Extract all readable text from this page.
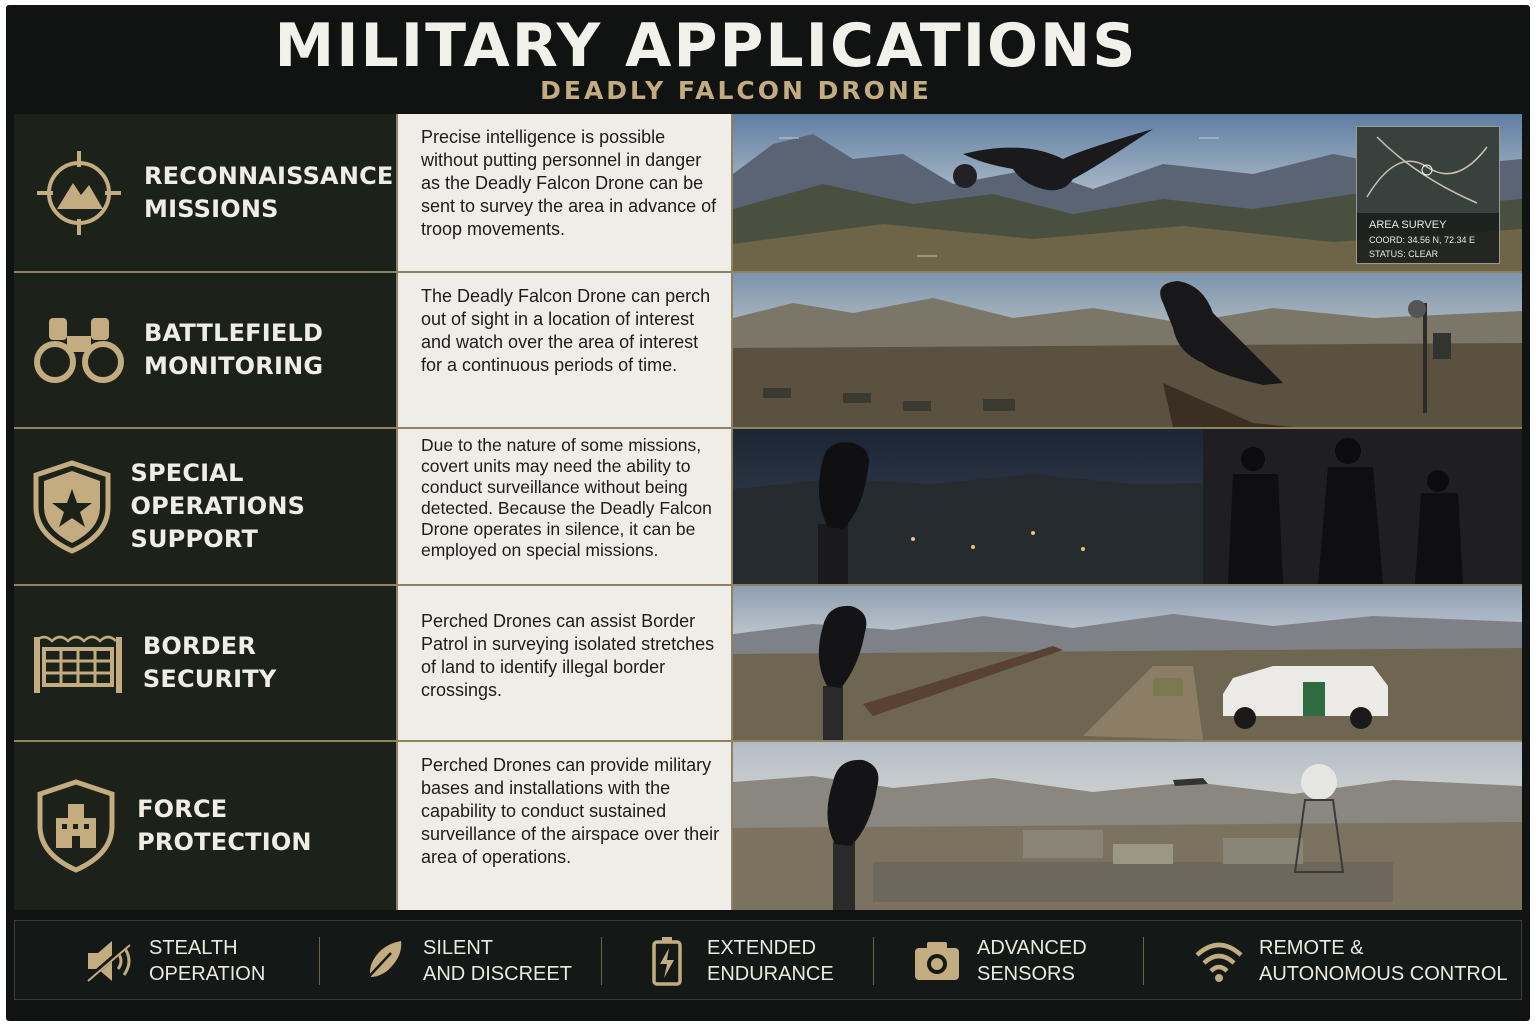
MILITARY APPLICATIONS
DEADLY FALCON DRONE
RECONNAISSANCE
MISSIONS
Precise intelligence is possible without putting personnel in danger as the Deadly Falcon Drone can be sent to survey the area in advance of troop movements.	AREA SURVEY
COORD: 34.56 N, 72.34 E
STATUS: CLEAR
BATTLEFIELD
MONITORING
The Deadly Falcon Drone can perch out of sight in a location of interest and watch over the area of interest for a continuous periods of time.
SPECIAL OPERATIONS
SUPPORT
Due to the nature of some missions, covert units may need the ability to conduct surveillance without being detected. Because the Deadly Falcon Drone operates in silence, it can be employed on special missions.
BORDER SECURITY
Perched Drones can assist Border Patrol in surveying isolated stretches of land to identify illegal border crossings.
FORCE PROTECTION
Perched Drones can provide military bases and installations with the capability to conduct sustained surveillance of the airspace over their area of operations.
STEALTH
OPERATION
SILENT
AND DISCREET
EXTENDED
ENDURANCE
ADVANCED
SENSORS
REMOTE &
AUTONOMOUS CONTROL
